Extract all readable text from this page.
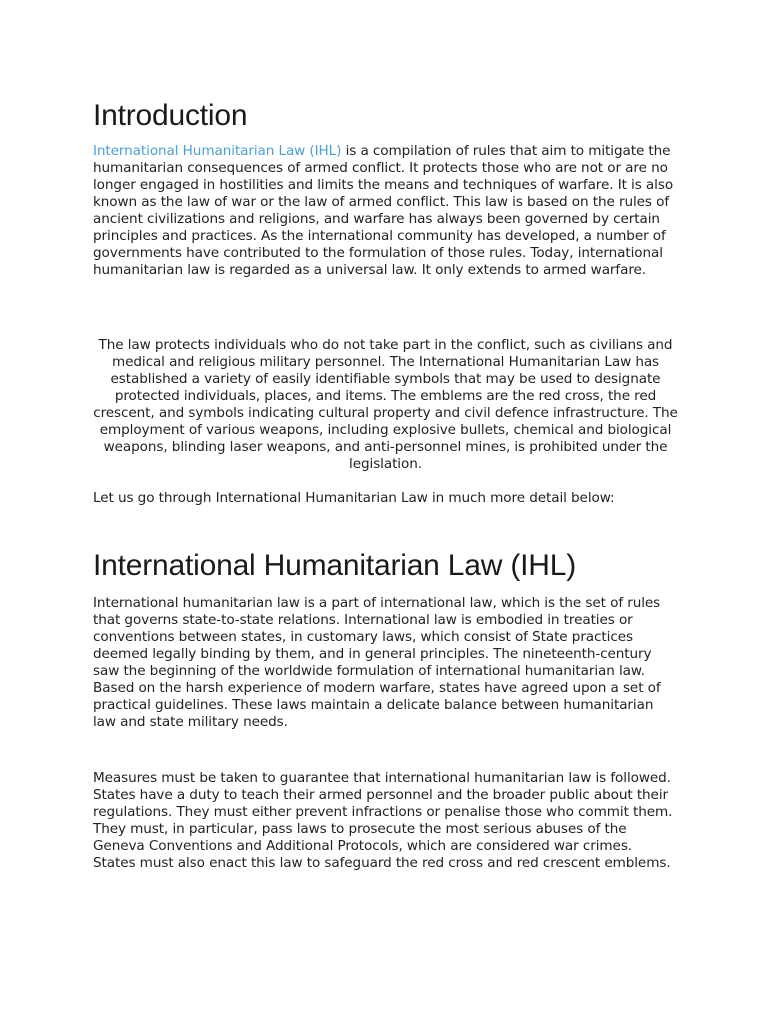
Introduction

International Humanitarian Law (IHL) is a compilation of rules that aim to mitigate the humanitarian consequences of armed conflict. It protects those who are not or are no longer engaged in hostilities and limits the means and techniques of warfare. It is also known as the law of war or the law of armed conflict. This law is based on the rules of ancient civilizations and religions, and warfare has always been governed by certain principles and practices. As the international community has developed, a number of governments have contributed to the formulation of those rules. Today, international humanitarian law is regarded as a universal law. It only extends to armed warfare.

The law protects individuals who do not take part in the conflict, such as civilians and medical and religious military personnel. The International Humanitarian Law has established a variety of easily identifiable symbols that may be used to designate protected individuals, places, and items. The emblems are the red cross, the red crescent, and symbols indicating cultural property and civil defence infrastructure. The employment of various weapons, including explosive bullets, chemical and biological weapons, blinding laser weapons, and anti-personnel mines, is prohibited under the legislation.

Let us go through International Humanitarian Law in much more detail below:

International Humanitarian Law (IHL)

International humanitarian law is a part of international law, which is the set of rules that governs state-to-state relations. International law is embodied in treaties or conventions between states, in customary laws, which consist of State practices deemed legally binding by them, and in general principles. The nineteenth-century saw the beginning of the worldwide formulation of international humanitarian law. Based on the harsh experience of modern warfare, states have agreed upon a set of practical guidelines. These laws maintain a delicate balance between humanitarian law and state military needs.

Measures must be taken to guarantee that international humanitarian law is followed. States have a duty to teach their armed personnel and the broader public about their regulations. They must either prevent infractions or penalise those who commit them. They must, in particular, pass laws to prosecute the most serious abuses of the Geneva Conventions and Additional Protocols, which are considered war crimes. States must also enact this law to safeguard the red cross and red crescent emblems.
